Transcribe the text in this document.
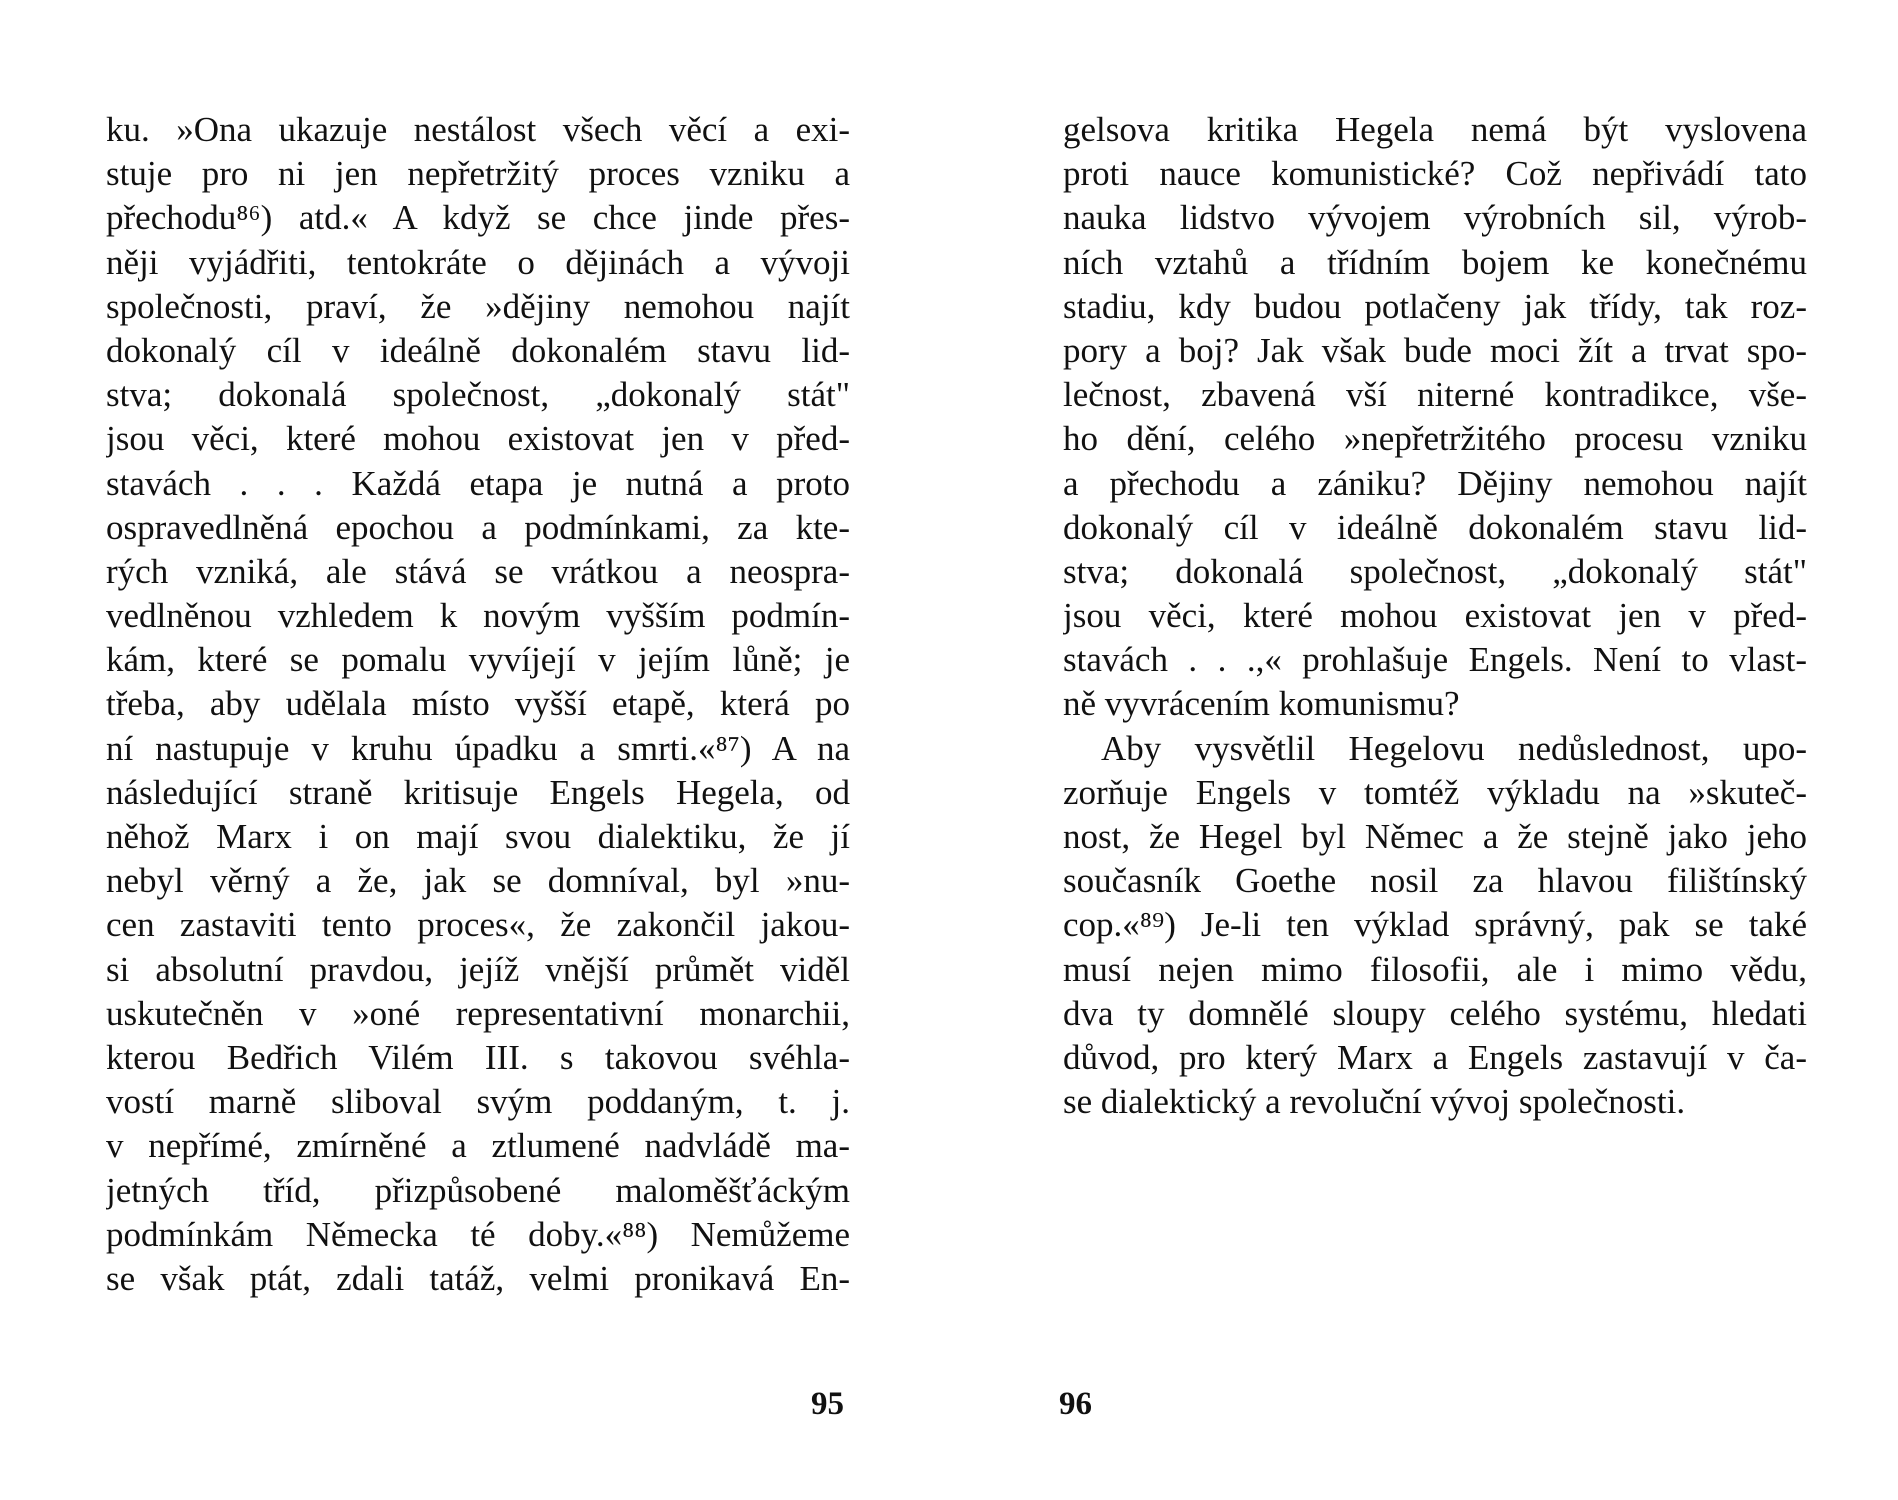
ku. »Ona ukazuje nestálost všech věcí a exi-
stuje pro ni jen nepřetržitý proces vzniku a
přechodu⁸⁶) atd.« A když se chce jinde přes-
něji vyjádřiti, tentokráte o dějinách a vývoji
společnosti, praví, že »dějiny nemohou najít
dokonalý cíl v ideálně dokonalém stavu lid-
stva; dokonalá společnost, „dokonalý stát"
jsou věci, které mohou existovat jen v před-
stavách . . . Každá etapa je nutná a proto
ospravedlněná epochou a podmínkami, za kte-
rých vzniká, ale stává se vrátkou a neospra-
vedlněnou vzhledem k novým vyšším podmín-
kám, které se pomalu vyvíjejí v jejím lůně; je
třeba, aby udělala místo vyšší etapě, která po
ní nastupuje v kruhu úpadku a smrti.«⁸⁷) A na
následující straně kritisuje Engels Hegela, od
něhož Marx i on mají svou dialektiku, že jí
nebyl věrný a že, jak se domníval, byl »nu-
cen zastaviti tento proces«, že zakončil jakou-
si absolutní pravdou, jejíž vnější průmět viděl
uskutečněn v »oné representativní monarchii,
kterou Bedřich Vilém III. s takovou svéhla-
vostí marně sliboval svým poddaným, t. j.
v nepřímé, zmírněné a ztlumené nadvládě ma-
jetných tříd, přizpůsobené maloměšťáckým
podmínkám Německa té doby.«⁸⁸) Nemůžeme
se však ptát, zdali tatáž, velmi pronikavá En-
95
gelsova kritika Hegela nemá být vyslovena
proti nauce komunistické? Což nepřivádí tato
nauka lidstvo vývojem výrobních sil, výrob-
ních vztahů a třídním bojem ke konečnému
stadiu, kdy budou potlačeny jak třídy, tak roz-
pory a boj? Jak však bude moci žít a trvat spo-
lečnost, zbavená vší niterné kontradikce, vše-
ho dění, celého »nepřetržitého procesu vzniku
a přechodu a zániku? Dějiny nemohou najít
dokonalý cíl v ideálně dokonalém stavu lid-
stva; dokonalá společnost, „dokonalý stát"
jsou věci, které mohou existovat jen v před-
stavách . . .,« prohlašuje Engels. Není to vlast-
ně vyvrácením komunismu?
Aby vysvětlil Hegelovu nedůslednost, upo-
zorňuje Engels v tomtéž výkladu na »skuteč-
nost, že Hegel byl Němec a že stejně jako jeho
současník Goethe nosil za hlavou filištínský
cop.«⁸⁹) Je-li ten výklad správný, pak se také
musí nejen mimo filosofii, ale i mimo vědu,
dva ty domnělé sloupy celého systému, hledati
důvod, pro který Marx a Engels zastavují v ča-
se dialektický a revoluční vývoj společnosti.
96
